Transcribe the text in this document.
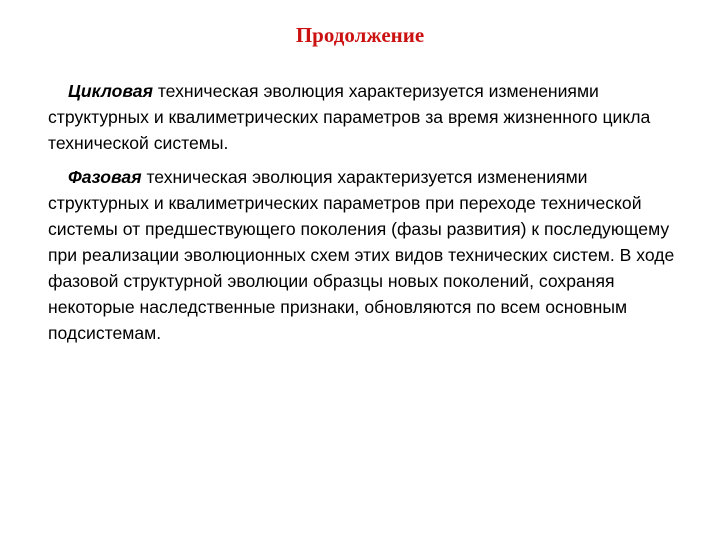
Продолжение

Цикловая техническая эволюция характеризуется изменениями структурных и квалиметрических параметров за время жизненного цикла технической системы.

Фазовая техническая эволюция характеризуется изменениями структурных и квалиметрических параметров при переходе технической системы от предшествующего поколения (фазы развития) к последующему при реализации эволюционных схем этих видов технических систем. В ходе фазовой структурной эволюции образцы новых поколений, сохраняя некоторые наследственные признаки, обновляются по всем основным подсистемам.
